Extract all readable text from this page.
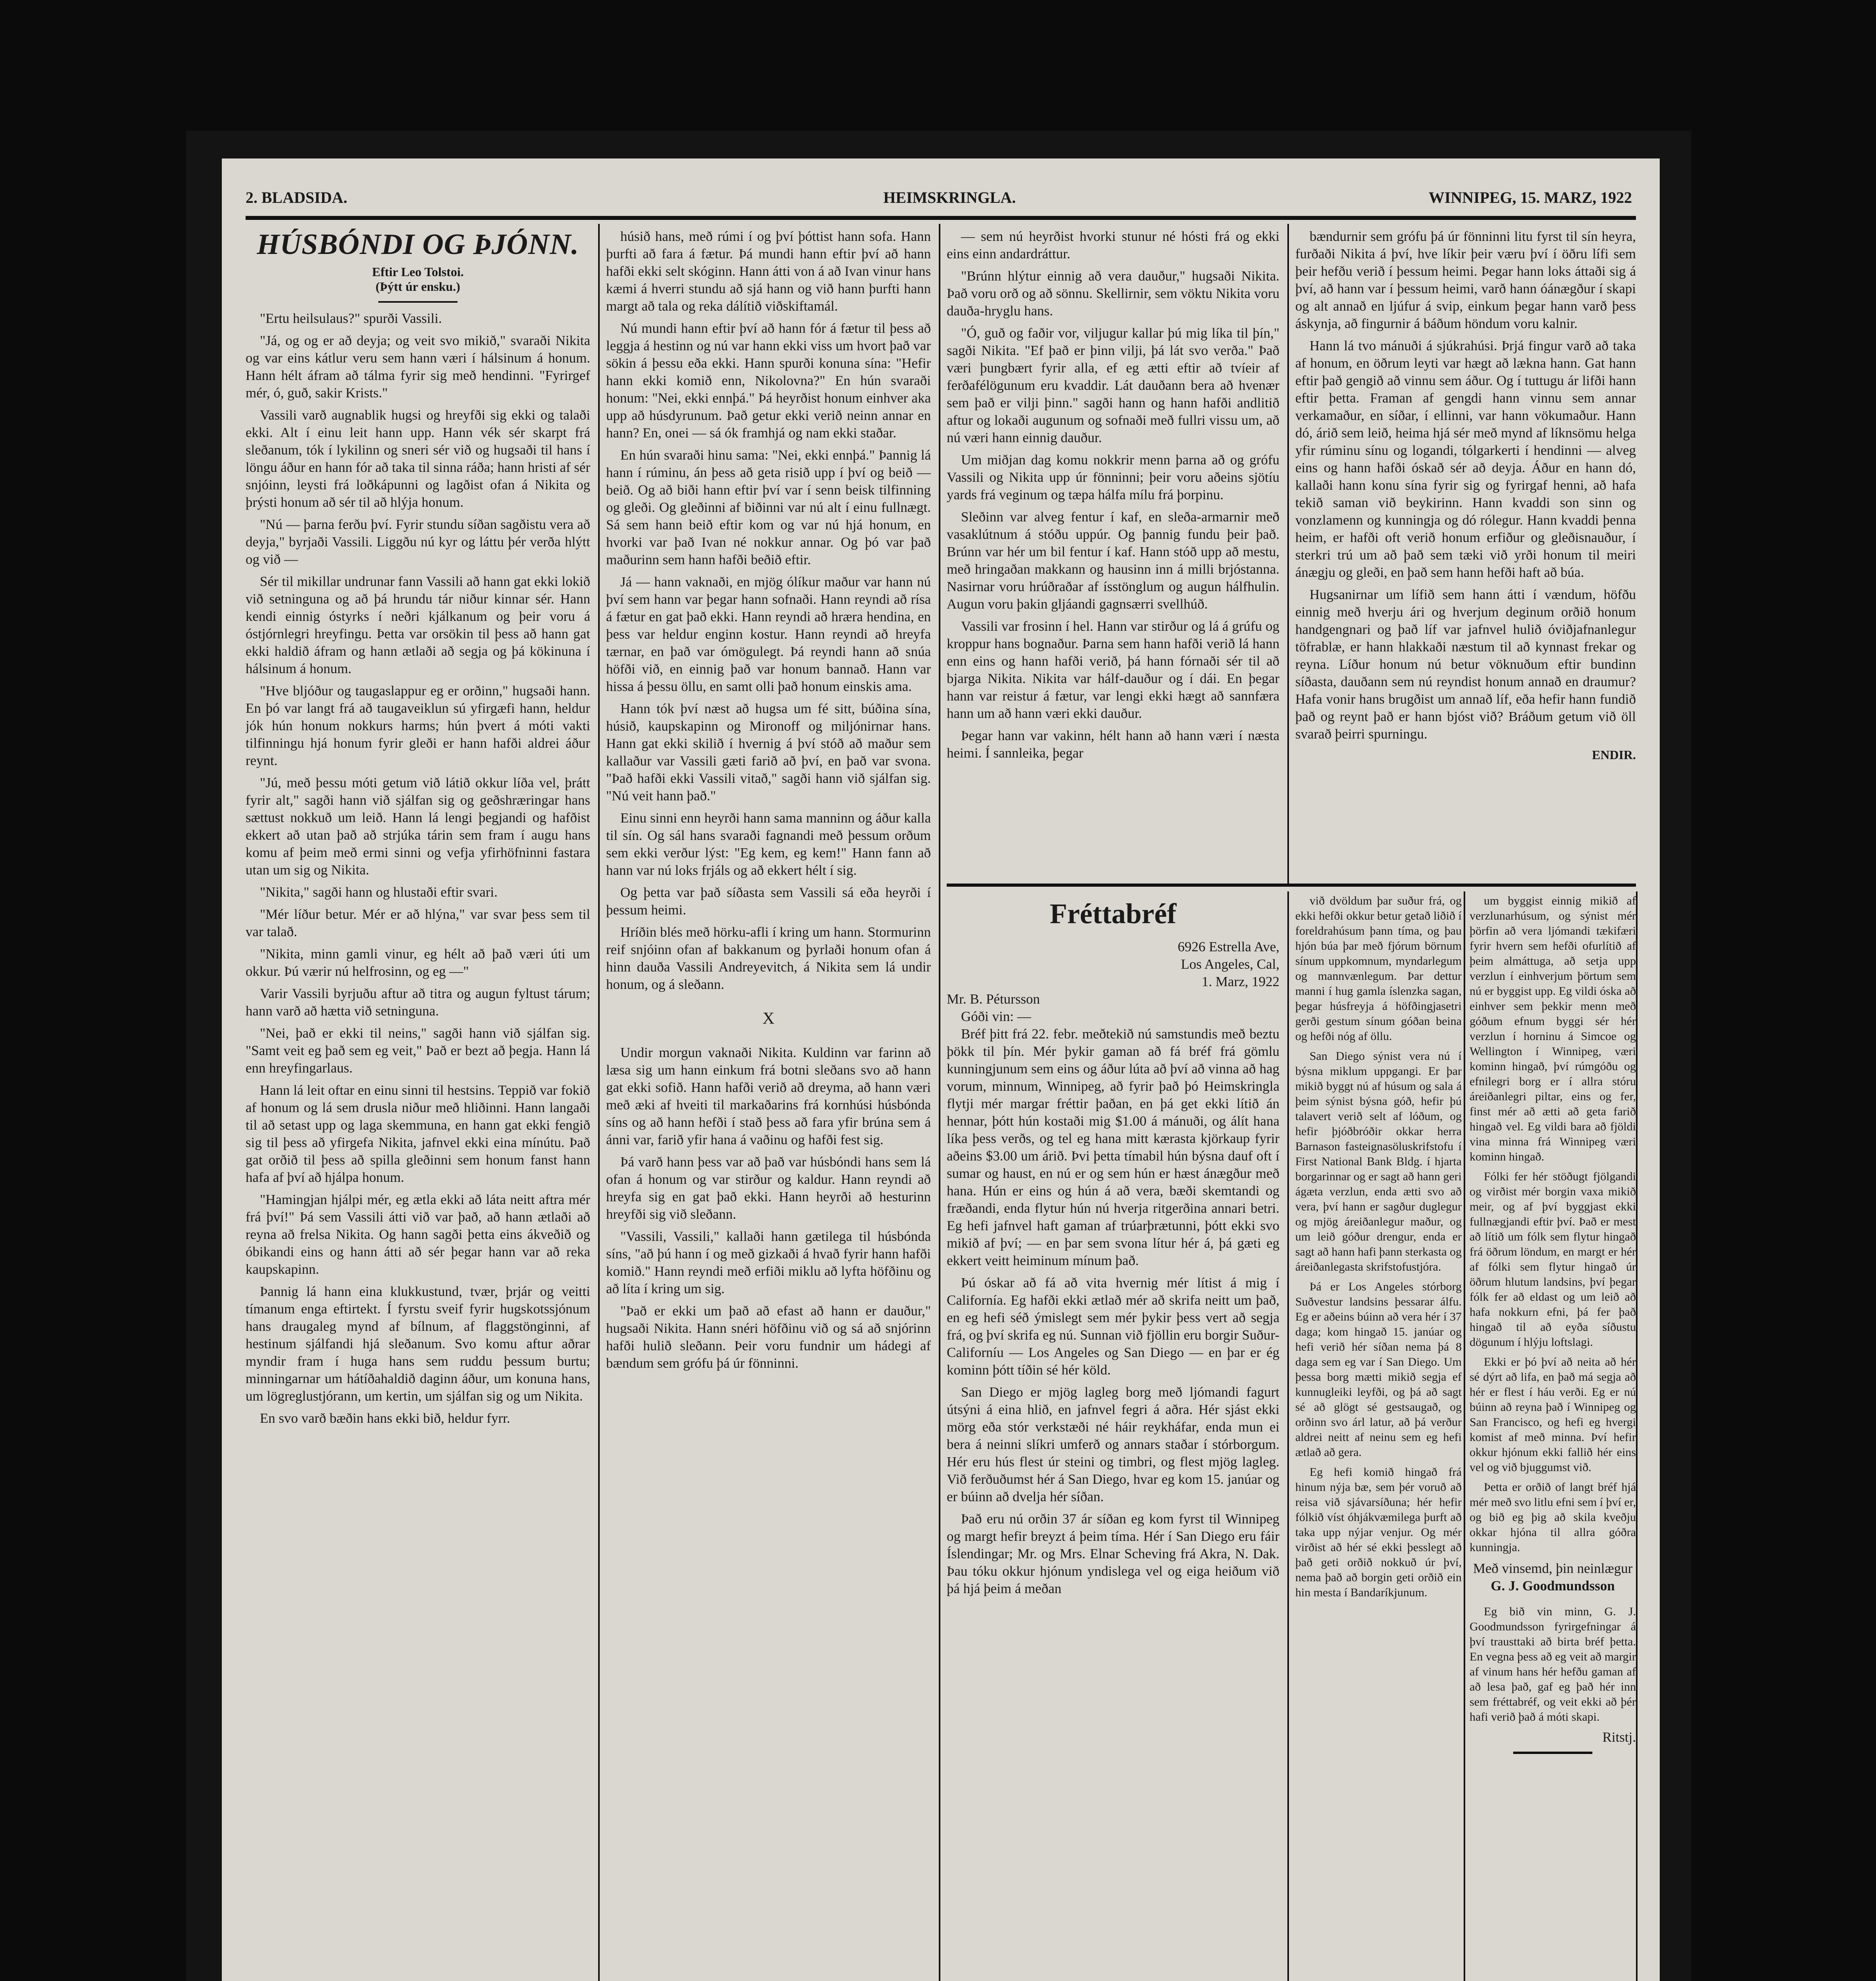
2. BLADSIDA.	HEIMSKRINGLA.	WINNIPEG, 15. MARZ, 1922
HÚSBÓNDI OG ÞJÓNN.

Eftir Leo Tolstoi.

(Þýtt úr ensku.)

"Ertu heilsulaus?" spurði Vassili.

"Já, og og er að deyja; og veit svo mikið," svaraði Nikita og var eins kátlur veru sem hann væri í hálsinum á honum. Hann hélt áfram að tálma fyrir sig með hendinni. "Fyrirgef mér, ó, guð, sakir Krists."

Vassili varð augnablik hugsi og hreyfði sig ekki og talaði ekki. Alt í einu leit hann upp. Hann vék sér skarpt frá sleðanum, tók í lykilinn og sneri sér við og hugsaði til hans í löngu áður en hann fór að taka til sinna ráða; hann hristi af sér snjóinn, leysti frá loðkápunni og lagðist ofan á Nikita og þrýsti honum að sér til að hlýja honum.

"Nú — þarna ferðu því. Fyrir stundu síðan sagðistu vera að deyja," byrjaði Vassili. Liggðu nú kyr og láttu þér verða hlýtt og við —

Sér til mikillar undrunar fann Vassili að hann gat ekki lokið við setninguna og að þá hrundu tár niður kinnar sér. Hann kendi einnig óstyrks í neðri kjálkanum og þeir voru á óstjórnlegri hreyfingu. Þetta var orsökin til þess að hann gat ekki haldið áfram og hann ætlaði að segja og þá kökinuna í hálsinum á honum.

"Hve bljóður og taugaslappur eg er orðinn," hugsaði hann. En þó var langt frá að taugaveiklun sú yfirgæfi hann, heldur jók hún honum nokkurs harms; hún þvert á móti vakti tilfinningu hjá honum fyrir gleði er hann hafði aldrei áður reynt.

"Jú, með þessu móti getum við látið okkur líða vel, þrátt fyrir alt," sagði hann við sjálfan sig og geðshræringar hans sættust nokkuð um leið. Hann lá lengi þegjandi og hafðist ekkert að utan það að strjúka tárin sem fram í augu hans komu af þeim með ermi sinni og vefja yfirhöfninni fastara utan um sig og Nikita.

"Nikita," sagði hann og hlustaði eftir svari.

"Mér líður betur. Mér er að hlýna," var svar þess sem til var talað.

"Nikita, minn gamli vinur, eg hélt að það væri úti um okkur. Þú værir nú helfrosinn, og eg —"

Varir Vassili byrjuðu aftur að titra og augun fyltust tárum; hann varð að hætta við setninguna.

"Nei, það er ekki til neins," sagði hann við sjálfan sig. "Samt veit eg það sem eg veit," Það er bezt að þegja. Hann lá enn hreyfingarlaus.

Hann lá leit oftar en einu sinni til hestsins. Teppið var fokið af honum og lá sem drusla niður með hliðinni. Hann langaði til að setast upp og laga skemmuna, en hann gat ekki fengið sig til þess að yfirgefa Nikita, jafnvel ekki eina mínútu. Það gat orðið til þess að spilla gleðinni sem honum fanst hann hafa af því að hjálpa honum.

"Hamingjan hjálpi mér, eg ætla ekki að láta neitt aftra mér frá því!" Þá sem Vassili átti við var það, að hann ætlaði að reyna að frelsa Nikita. Og hann sagði þetta eins ákveðið og óbikandi eins og hann átti að sér þegar hann var að reka kaupskapinn.

Þannig lá hann eina klukkustund, tvær, þrjár og veitti tímanum enga eftirtekt. Í fyrstu sveif fyrir hugskotssjónum hans draugaleg mynd af bílnum, af flaggstönginni, af hestinum sjálfandi hjá sleðanum. Svo komu aftur aðrar myndir fram í huga hans sem ruddu þessum burtu; minningarnar um hátíðahaldið daginn áður, um konuna hans, um lögreglustjórann, um kertin, um sjálfan sig og um Nikita.

En svo varð bæðin hans ekki bið, heldur fyrr.

húsið hans, með rúmi í og því þóttist hann sofa. Hann þurfti að fara á fætur. Þá mundi hann eftir því að hann hafði ekki selt skóginn. Hann átti von á að Ivan vinur hans kæmi á hverri stundu að sjá hann og við hann þurfti hann margt að tala og reka dálítið viðskiftamál.

Nú mundi hann eftir því að hann fór á fætur til þess að leggja á hestinn og nú var hann ekki viss um hvort það var sökin á þessu eða ekki. Hann spurði konuna sína: "Hefir hann ekki komið enn, Nikolovna?" En hún svaraði honum: "Nei, ekki ennþá." Þá heyrðist honum einhver aka upp að húsdyrunum. Það getur ekki verið neinn annar en hann? En, onei — sá ók framhjá og nam ekki staðar.

En hún svaraði hinu sama: "Nei, ekki ennþá." Þannig lá hann í rúminu, án þess að geta risið upp í því og beið — beið. Og að biði hann eftir því var í senn beisk tilfinning og gleði. Og gleðinni af biðinni var nú alt í einu fullnægt. Sá sem hann beið eftir kom og var nú hjá honum, en hvorki var það Ivan né nokkur annar. Og þó var það maðurinn sem hann hafði beðið eftir.

Já — hann vaknaði, en mjög ólíkur maður var hann nú því sem hann var þegar hann sofnaði. Hann reyndi að rísa á fætur en gat það ekki. Hann reyndi að hræra hendina, en þess var heldur enginn kostur. Hann reyndi að hreyfa tærnar, en það var ómögulegt. Þá reyndi hann að snúa höfði við, en einnig það var honum bannað. Hann var hissa á þessu öllu, en samt olli það honum einskis ama.

Hann tók því næst að hugsa um fé sitt, búðina sína, húsið, kaupskapinn og Mironoff og miljónirnar hans. Hann gat ekki skilið í hvernig á því stóð að maður sem kallaður var Vassili gæti farið að því, en það var svona. "Það hafði ekki Vassili vitað," sagði hann við sjálfan sig. "Nú veit hann það."

Einu sinni enn heyrði hann sama manninn og áður kalla til sín. Og sál hans svaraði fagnandi með þessum orðum sem ekki verður lýst: "Eg kem, eg kem!" Hann fann að hann var nú loks frjáls og að ekkert hélt í sig.

Og þetta var það síðasta sem Vassili sá eða heyrði í þessum heimi.

Hríðin blés með hörku-afli í kring um hann. Stormurinn reif snjóinn ofan af bakkanum og þyrlaði honum ofan á hinn dauða Vassili Andreyevitch, á Nikita sem lá undir honum, og á sleðann.

X

Undir morgun vaknaði Nikita. Kuldinn var farinn að læsa sig um hann einkum frá botni sleðans svo að hann gat ekki sofið. Hann hafði verið að dreyma, að hann væri með æki af hveiti til markaðarins frá kornhúsi húsbónda síns og að hann hefði í stað þess að fara yfir brúna sem á ánni var, farið yfir hana á vaðinu og hafði fest sig.

Þá varð hann þess var að það var húsbóndi hans sem lá ofan á honum og var stirður og kaldur. Hann reyndi að hreyfa sig en gat það ekki. Hann heyrði að hesturinn hreyfði sig við sleðann.

"Vassili, Vassili," kallaði hann gætilega til húsbónda síns, "að þú hann í og með gizkaði á hvað fyrir hann hafði komið." Hann reyndi með erfiði miklu að lyfta höfðinu og að líta í kring um sig.

"Það er ekki um það að efast að hann er dauður," hugsaði Nikita. Hann snéri höfðinu við og sá að snjórinn hafði hulið sleðann. Þeir voru fundnir um hádegi af bændum sem grófu þá úr fönninni.

— sem nú heyrðist hvorki stunur né hósti frá og ekki eins einn andardráttur.

"Brúnn hlýtur einnig að vera dauður," hugsaði Nikita. Það voru orð og að sönnu. Skellirnir, sem vöktu Nikita voru dauða-hryglu hans.

"Ó, guð og faðir vor, viljugur kallar þú mig líka til þín," sagði Nikita. "Ef það er þinn vilji, þá lát svo verða." Það væri þungbært fyrir alla, ef eg ætti eftir að tvíeir af ferðafélögunum eru kvaddir. Lát dauðann bera að hvenær sem það er vilji þinn." sagði hann og hann hafði andlitið aftur og lokaði augunum og sofnaði með fullri vissu um, að nú væri hann einnig dauður.

Um miðjan dag komu nokkrir menn þarna að og grófu Vassili og Nikita upp úr fönninni; þeir voru aðeins sjötíu yards frá veginum og tæpa hálfa mílu frá þorpinu.

Sleðinn var alveg fentur í kaf, en sleða-armarnir með vasaklútnum á stóðu uppúr. Og þannig fundu þeir það. Brúnn var hér um bil fentur í kaf. Hann stóð upp að mestu, með hringaðan makkann og hausinn inn á milli brjóstanna. Nasirnar voru hrúðraðar af ísstönglum og augun hálfhulin. Augun voru þakin gljáandi gagnsærri svellhúð.

Vassili var frosinn í hel. Hann var stirður og lá á grúfu og kroppur hans bognaður. Þarna sem hann hafði verið lá hann enn eins og hann hafði verið, þá hann fórnaði sér til að bjarga Nikita. Nikita var hálf-dauður og í dái. En þegar hann var reistur á fætur, var lengi ekki hægt að sannfæra hann um að hann væri ekki dauður.

Þegar hann var vakinn, hélt hann að hann væri í næsta heimi. Í sannleika, þegar

bændurnir sem grófu þá úr fönninni litu fyrst til sín heyra, furðaði Nikita á því, hve líkir þeir væru því í öðru lífi sem þeir hefðu verið í þessum heimi. Þegar hann loks áttaði sig á því, að hann var í þessum heimi, varð hann óánægður í skapi og alt annað en ljúfur á svip, einkum þegar hann varð þess áskynja, að fingurnir á báðum höndum voru kalnir.

Hann lá tvo mánuði á sjúkrahúsi. Þrjá fingur varð að taka af honum, en öðrum leyti var hægt að lækna hann. Gat hann eftir það gengið að vinnu sem áður. Og í tuttugu ár lifði hann eftir þetta. Framan af gengdi hann vinnu sem annar verkamaður, en síðar, í ellinni, var hann vökumaður. Hann dó, árið sem leið, heima hjá sér með mynd af líknsömu helga yfir rúminu sínu og logandi, tólgarkerti í hendinni — alveg eins og hann hafði óskað sér að deyja. Áður en hann dó, kallaði hann konu sína fyrir sig og fyrirgaf henni, að hafa tekið saman við beykirinn. Hann kvaddi son sinn og vonzlamenn og kunningja og dó rólegur. Hann kvaddi þenna heim, er hafði oft verið honum erfiður og gleðisnauður, í sterkri trú um að það sem tæki við yrði honum til meiri ánægju og gleði, en það sem hann hefði haft að búa.

Hugsanirnar um lífið sem hann átti í vændum, höfðu einnig með hverju ári og hverjum deginum orðið honum handgengnari og það líf var jafnvel hulið óviðjafnanlegur töfrablæ, er hann hlakkaði næstum til að kynnast frekar og reyna. Líður honum nú betur vöknuðum eftir bundinn síðasta, dauðann sem nú reyndist honum annað en draumur? Hafa vonir hans brugðist um annað líf, eða hefir hann fundið það og reynt það er hann bjóst við? Bráðum getum við öll svarað þeirri spurningu.

ENDIR.
Fréttabréf

6926 Estrella Ave,

Los Angeles, Cal,

1. Marz, 1922

Mr. B. Pétursson

Góði vin: —

Bréf þitt frá 22. febr. meðtekið nú samstundis með beztu þökk til þín. Mér þykir gaman að fá bréf frá gömlu kunningjunum sem eins og áður lúta að því að vinna að hag vorum, minnum, Winnipeg, að fyrir það þó Heimskringla flytji mér margar fréttir þaðan, en þá get ekki lítið án hennar, þótt hún kostaði mig $1.00 á mánuði, og álít hana líka þess verðs, og tel eg hana mitt kærasta kjörkaup fyrir aðeins $3.00 um árið. Þvi þetta tímabil hún býsna dauf oft í sumar og haust, en nú er og sem hún er hæst ánægður með hana. Hún er eins og hún á að vera, bæði skemtandi og fræðandi, enda flytur hún nú hverja ritgerðina annari betri. Eg hefi jafnvel haft gaman af trúarþrætunni, þótt ekki svo mikið af því; — en þar sem svona lítur hér á, þá gæti eg ekkert veitt heiminum mínum það.

Þú óskar að fá að vita hvernig mér lítist á mig í Californía. Eg hafði ekki ætlað mér að skrifa neitt um það, en eg hefi séð ýmislegt sem mér þykir þess vert að segja frá, og því skrifa eg nú. Sunnan við fjöllin eru borgir Suður-Californíu — Los Angeles og San Diego — en þar er ég kominn þótt tíðin sé hér köld.

San Diego er mjög lagleg borg með ljómandi fagurt útsýni á eina hlið, en jafnvel fegri á aðra. Hér sjást ekki mörg eða stór verkstæði né háir reykháfar, enda mun ei bera á neinni slíkri umferð og annars staðar í stórborgum. Hér eru hús flest úr steini og timbri, og flest mjög lagleg. Við ferðuðumst hér á San Diego, hvar eg kom 15. janúar og er búinn að dvelja hér síðan.

Það eru nú orðin 37 ár síðan eg kom fyrst til Winnipeg og margt hefir breyzt á þeim tíma. Hér í San Diego eru fáir Íslendingar; Mr. og Mrs. Elnar Scheving frá Akra, N. Dak. Þau tóku okkur hjónum yndislega vel og eiga heiðum við þá hjá þeim á meðan

við dvöldum þar suður frá, og ekki hefði okkur betur getað liðið í foreldrahúsum þann tíma, og þau hjón búa þar með fjórum börnum sínum uppkomnum, myndarlegum og mannvænlegum. Þar dettur manni í hug gamla íslenzka sagan, þegar húsfreyja á höfðingjasetri gerði gestum sínum góðan beina og hefði nóg af öllu.

San Diego sýnist vera nú í býsna miklum uppgangi. Er þar mikið byggt nú af húsum og sala á þeim sýnist býsna góð, hefir þú talavert verið selt af lóðum, og hefir þjóðbróðir okkar herra Barnason fasteignasöluskrifstofu í First National Bank Bldg. í hjarta borgarinnar og er sagt að hann geri ágæta verzlun, enda ætti svo að vera, því hann er sagður duglegur og mjög áreiðanlegur maður, og um leið góður drengur, enda er sagt að hann hafi þann sterkasta og áreiðanlegasta skrifstofustjóra.

Þá er Los Angeles stórborg Suðvestur landsins þessarar álfu. Eg er aðeins búinn að vera hér í 37 daga; kom hingað 15. janúar og hefi verið hér síðan nema þá 8 daga sem eg var í San Diego. Um þessa borg mætti mikið segja ef kunnugleiki leyfði, og þá að sagt sé að glögt sé gestsaugað, og orðinn svo árl latur, að þá verður aldrei neitt af neinu sem eg hefi ætlað að gera.

Eg hefi komið hingað frá hinum nýja bæ, sem þér voruð að reisa við sjávarsíðuna; hér hefir fólkið víst óhjákvæmilega þurft að taka upp nýjar venjur. Og mér virðist að hér sé ekki þesslegt að það geti orðið nokkuð úr því, nema það að borgin geti orðið ein hin mesta í Bandaríkjunum.

um byggist einnig mikið af verzlunarhúsum, og sýnist mér þörfin að vera ljómandi tækifæri fyrir hvern sem hefði ofurlítið af þeim almáttuga, að setja upp verzlun í einhverjum þörtum sem nú er byggist upp. Eg vildi óska að einhver sem þekkir menn með góðum efnum byggi sér hér verzlun í horninu á Simcoe og Wellington í Winnipeg, væri kominn hingað, því rúmgóðu og efnilegri borg er í allra stóru áreiðanlegri piltar, eins og fer, finst mér að ætti að geta farið hingað vel. Eg vildi bara að fjöldi vina minna frá Winnipeg væri kominn hingað.

Fólki fer hér stöðugt fjölgandi og virðist mér borgin vaxa mikið meir, og af því byggjast ekki fullnægjandi eftir því. Það er mest að lítið um fólk sem flytur hingað frá öðrum löndum, en margt er hér af fólki sem flytur hingað úr öðrum hlutum landsins, því þegar fólk fer að eldast og um leið að hafa nokkurn efni, þá fer það hingað til að eyða síðustu dögunum í hlýju loftslagi.

Ekki er þó því að neita að hér sé dýrt að lifa, en það má segja að hér er flest í háu verði. Eg er nú búinn að reyna það í Winnipeg og San Francisco, og hefi eg hvergi komist af með minna. Því hefir okkur hjónum ekki fallið hér eins vel og við bjuggumst við.

Þetta er orðið of langt bréf hjá mér með svo litlu efni sem í því er, og bið eg þig að skila kveðju okkar hjóna til allra góðra kunningja.

Með vinsemd, þin neinlægur

G. J. Goodmundsson

Eg bið vin minn, G. J. Goodmundsson fyrirgefningar á því trausttaki að birta bréf þetta. En vegna þess að eg veit að margir af vinum hans hér hefðu gaman af að lesa það, gaf eg það hér inn sem fréttabréf, og veit ekki að þér hafi verið það á móti skapi.

Ritstj.
